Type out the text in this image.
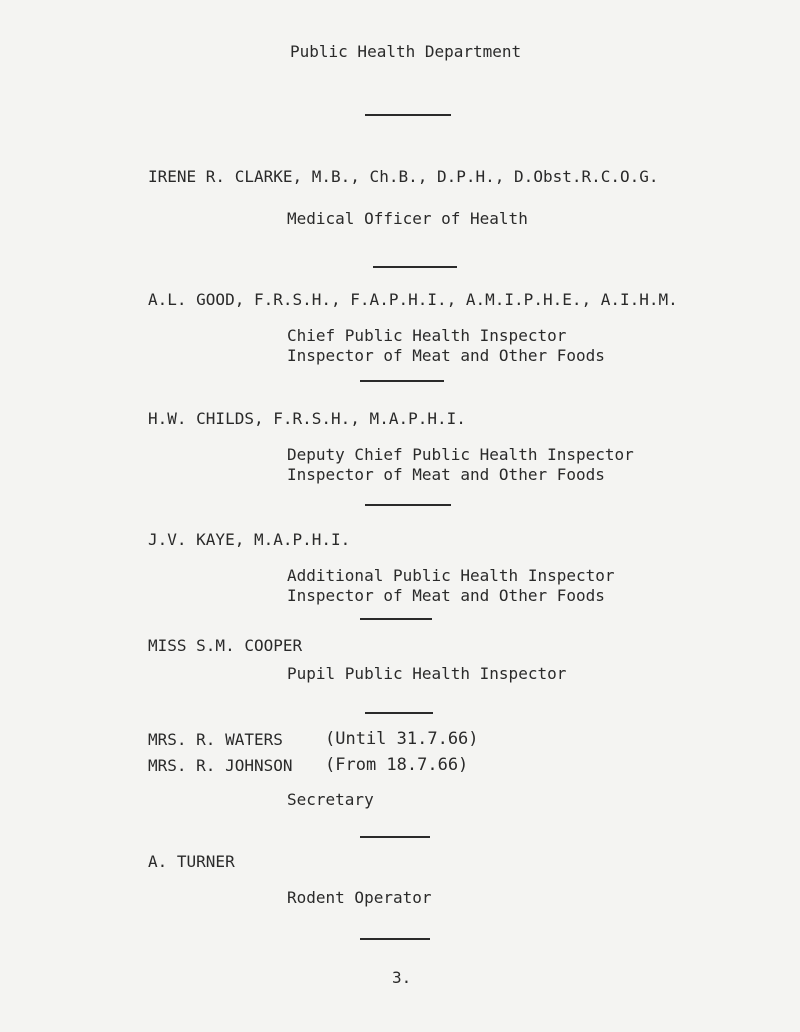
Public Health Department
IRENE R. CLARKE, M.B., Ch.B., D.P.H., D.Obst.R.C.O.G.
Medical Officer of Health
A.L. GOOD, F.R.S.H., F.A.P.H.I., A.M.I.P.H.E., A.I.H.M.
Chief Public Health Inspector
Inspector of Meat and Other Foods
H.W. CHILDS, F.R.S.H., M.A.P.H.I.
Deputy Chief Public Health Inspector
Inspector of Meat and Other Foods
J.V. KAYE, M.A.P.H.I.
Additional Public Health Inspector
Inspector of Meat and Other Foods
MISS S.M. COOPER
Pupil Public Health Inspector
MRS. R. WATERS (Until 31.7.66)
MRS. R. JOHNSON (From 18.7.66)
Secretary
A. TURNER
Rodent Operator
3.
